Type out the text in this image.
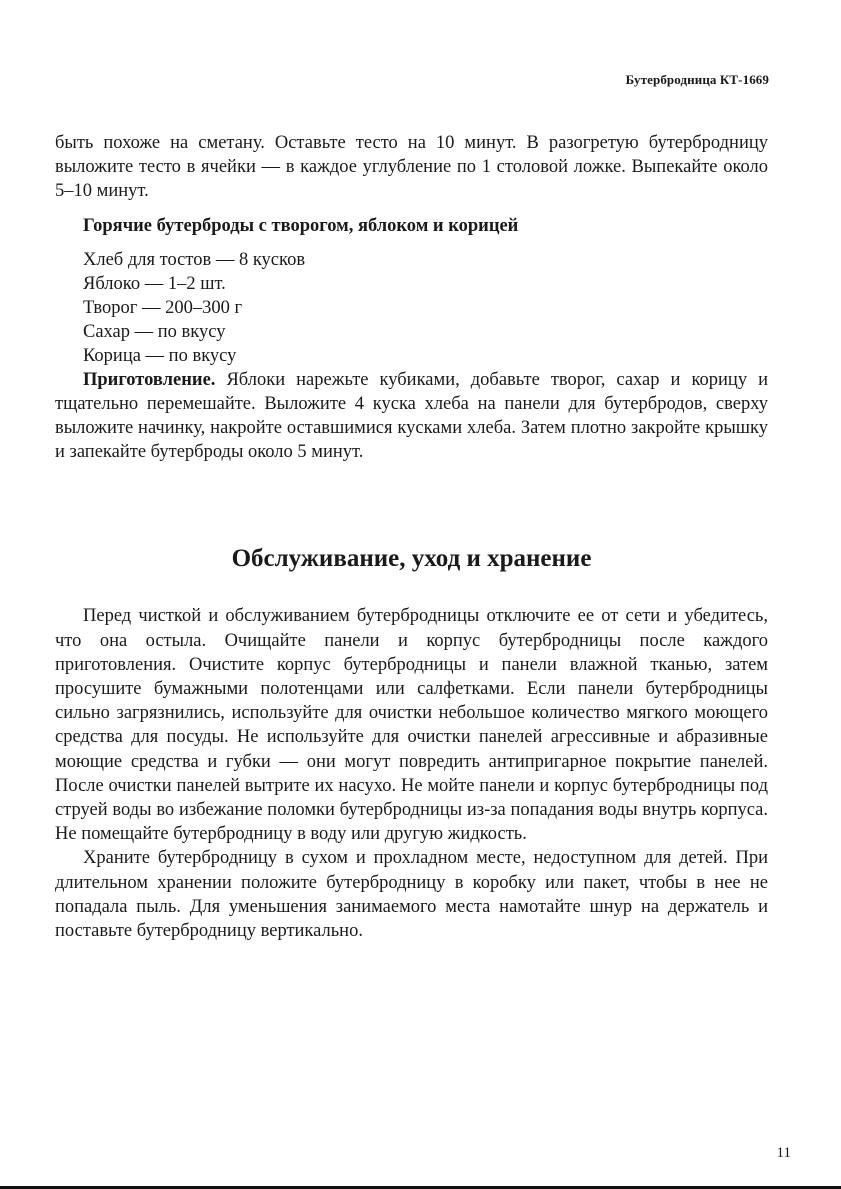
Бутербродница КТ-1669

быть похоже на сметану. Оставьте тесто на 10 минут. В разогретую бутербродницу выложите тесто в ячейки — в каждое углубление по 1 столовой ложке. Выпекайте около 5–10 минут.

Горячие бутерброды с творогом, яблоком и корицей

Хлеб для тостов — 8 кусков
Яблоко — 1–2 шт.
Творог — 200–300 г
Сахар — по вкусу
Корица — по вкусу

Приготовление. Яблоки нарежьте кубиками, добавьте творог, сахар и корицу и тщательно перемешайте. Выложите 4 куска хлеба на панели для бутербродов, сверху выложите начинку, накройте оставшимися кусками хлеба. Затем плотно закройте крышку и запекайте бутерброды около 5 минут.

Обслуживание, уход и хранение

Перед чисткой и обслуживанием бутербродницы отключите ее от сети и убедитесь, что она остыла. Очищайте панели и корпус бутербродницы после каждого приготовления. Очистите корпус бутербродницы и панели влажной тканью, затем просушите бумажными полотенцами или салфетками. Если панели бутербродницы сильно загрязнились, используйте для очистки небольшое количество мягкого моющего средства для посуды. Не используйте для очистки панелей агрессивные и абразивные моющие средства и губки — они могут повредить антипригарное покрытие панелей. После очистки панелей вытрите их насухо. Не мойте панели и корпус бутербродницы под струей воды во избежание поломки бутербродницы из-за попадания воды внутрь корпуса. Не помещайте бутербродницу в воду или другую жидкость.

Храните бутербродницу в сухом и прохладном месте, недоступном для детей. При длительном хранении положите бутербродницу в коробку или пакет, чтобы в нее не попадала пыль. Для уменьшения занимаемого места намотайте шнур на держатель и поставьте бутербродницу вертикально.

11
